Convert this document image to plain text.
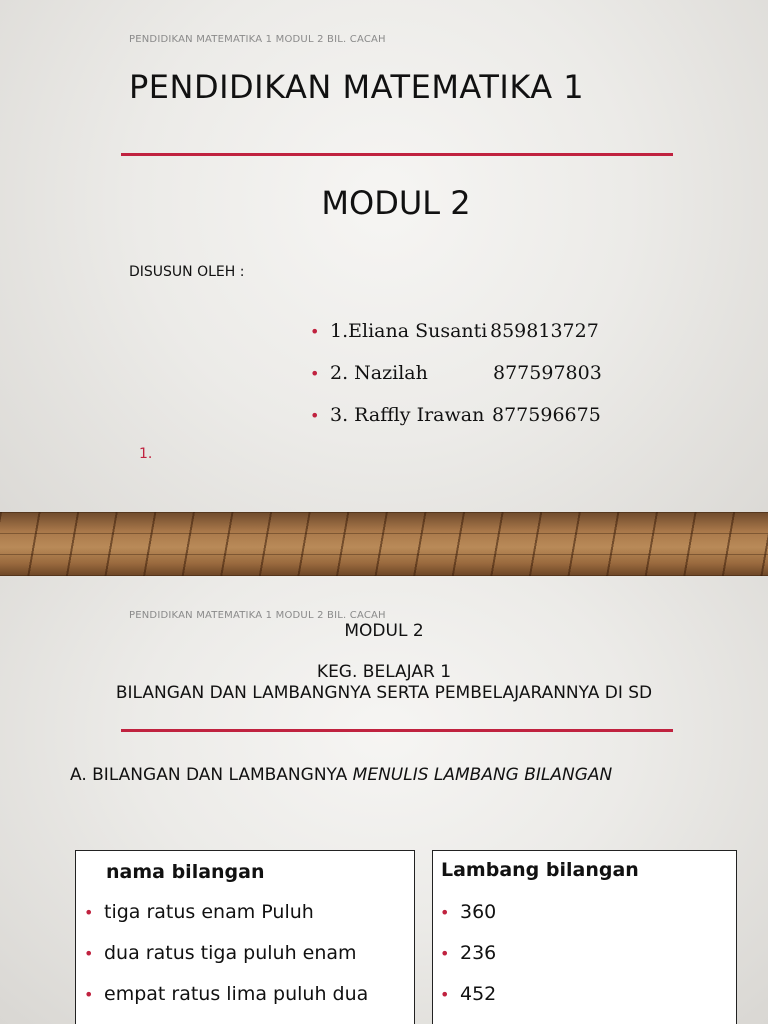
PENDIDIKAN MATEMATIKA 1 MODUL 2 BIL. CACAH
PENDIDIKAN MATEMATIKA 1
MODUL 2
DISUSUN OLEH :
• 1.Eliana Susanti 859813727
• 2. Nazilah	877597803
• 3. Raffly Irawan 877596675
1.
PENDIDIKAN MATEMATIKA 1 MODUL 2 BIL. CACAH
MODUL 2
KEG. BELAJAR 1
BILANGAN DAN LAMBANGNYA SERTA PEMBELAJARANNYA DI SD
A. BILANGAN DAN LAMBANGNYA MENULIS LAMBANG BILANGAN
nama bilangan
• tiga ratus enam Puluh
• dua ratus tiga puluh enam
• empat ratus lima puluh dua
Lambang bilangan
• 360
• 236
• 452
